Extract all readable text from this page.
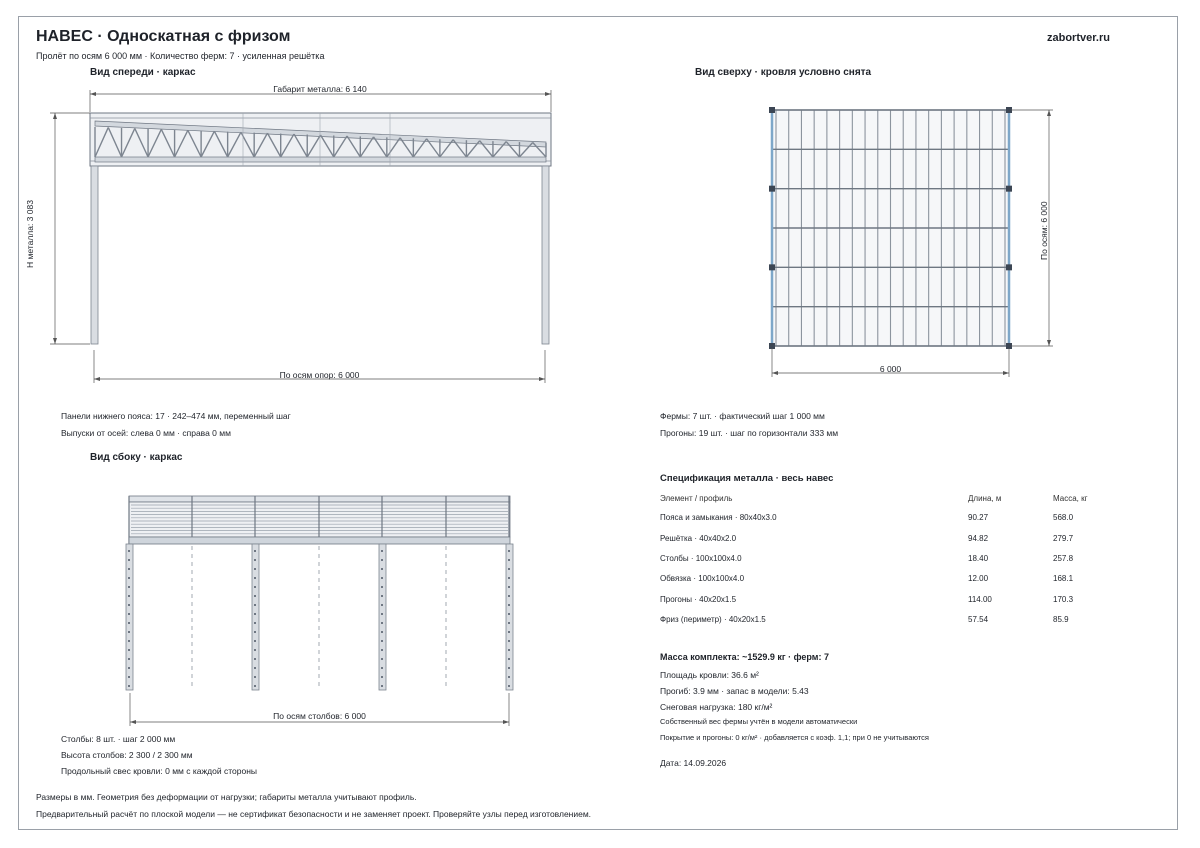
НАВЕС · Односкатная с фризом
Пролёт по осям 6 000 мм · Количество ферм: 7 · усиленная решётка
zabortver.ru
Вид спереди · каркас
Габарит металла: 6 140
H металла: 3 083
По осям опор: 6 000
Панели нижнего пояса: 17 · 242–474 мм, переменный шаг
Выпуски от осей: слева 0 мм · справа 0 мм
Вид сверху · кровля условно снята
По осям: 6 000
6 000
Фермы: 7 шт. · фактический шаг 1 000 мм
Прогоны: 19 шт. · шаг по горизонтали 333 мм
Вид сбоку · каркас
По осям столбов: 6 000
Столбы: 8 шт. · шаг 2 000 мм
Высота столбов: 2 300 / 2 300 мм
Продольный свес кровли: 0 мм с каждой стороны
Спецификация металла · весь навес
Элемент / профиль	Длина, м	Масса, кг
Пояса и замыкания · 80x40x3.0	90.27	568.0
Решётка · 40x40x2.0	94.82	279.7
Столбы · 100x100x4.0	18.40	257.8
Обвязка · 100x100x4.0	12.00	168.1
Прогоны · 40x20x1.5	114.00	170.3
Фриз (периметр) · 40x20x1.5	57.54	85.9
Масса комплекта: ~1529.9 кг · ферм: 7
Площадь кровли: 36.6 м²
Прогиб: 3.9 мм · запас в модели: 5.43
Снеговая нагрузка: 180 кг/м²
Собственный вес фермы учтён в модели автоматически
Покрытие и прогоны: 0 кг/м² · добавляется с коэф. 1,1; при 0 не учитываются
Дата: 14.09.2026
Размеры в мм. Геометрия без деформации от нагрузки; габариты металла учитывают профиль.
Предварительный расчёт по плоской модели — не сертификат безопасности и не заменяет проект. Проверяйте узлы перед изготовлением.
